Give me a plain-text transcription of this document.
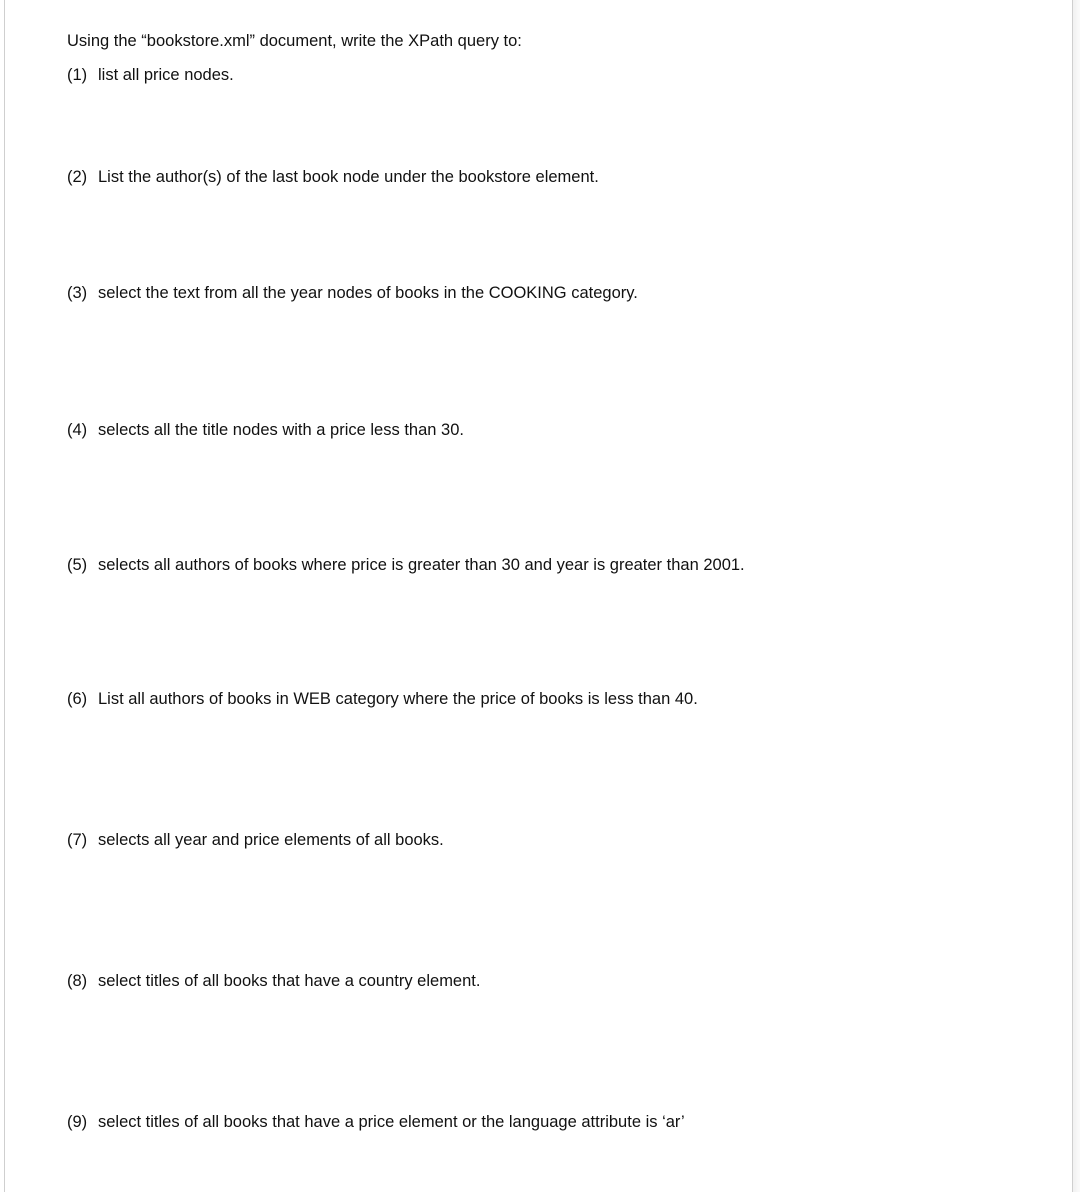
Using the “bookstore.xml” document, write the XPath query to:
(1) list all price nodes.
(2) List the author(s) of the last book node under the bookstore element.
(3) select the text from all the year nodes of books in the COOKING category.
(4) selects all the title nodes with a price less than 30.
(5) selects all authors of books where price is greater than 30 and year is greater than 2001.
(6) List all authors of books in WEB category where the price of books is less than 40.
(7) selects all year and price elements of all books.
(8) select titles of all books that have a country element.
(9) select titles of all books that have a price element or the language attribute is ‘ar’
